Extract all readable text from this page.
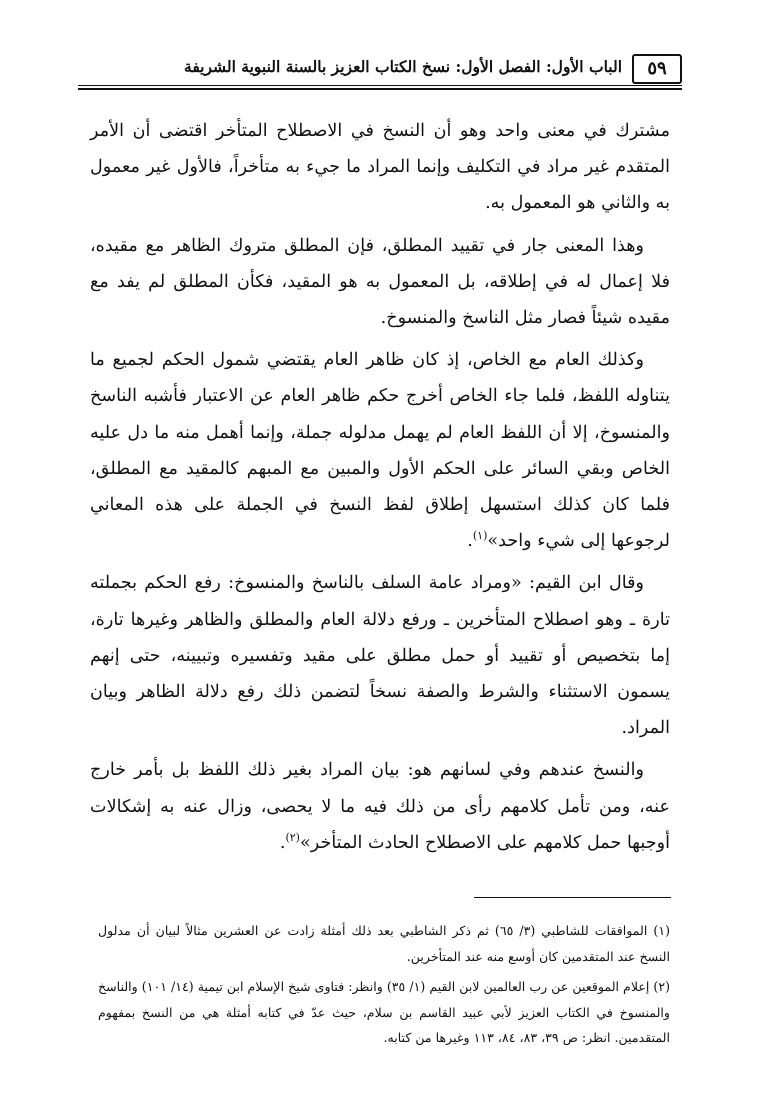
٥٩
الباب الأول: الفصل الأول: نسخ الكتاب العزيز بالسنة النبوية الشريفة

مشترك في معنى واحد وهو أن النسخ في الاصطلاح المتأخر اقتضى أن الأمر المتقدم غير مراد في التكليف وإنما المراد ما جيء به متأخراً، فالأول غير معمول به والثاني هو المعمول به.

وهذا المعنى جار في تقييد المطلق، فإن المطلق متروك الظاهر مع مقيده، فلا إعمال له في إطلاقه، بل المعمول به هو المقيد، فكأن المطلق لم يفد مع مقيده شيئاً فصار مثل الناسخ والمنسوخ.

وكذلك العام مع الخاص، إذ كان ظاهر العام يقتضي شمول الحكم لجميع ما يتناوله اللفظ، فلما جاء الخاص أخرج حكم ظاهر العام عن الاعتبار فأشبه الناسخ والمنسوخ، إلا أن اللفظ العام لم يهمل مدلوله جملة، وإنما أهمل منه ما دل عليه الخاص وبقي السائر على الحكم الأول والمبين مع المبهم كالمقيد مع المطلق، فلما كان كذلك استسهل إطلاق لفظ النسخ في الجملة على هذه المعاني لرجوعها إلى شيء واحد»$^{(١)}$.

وقال ابن القيم: «ومراد عامة السلف بالناسخ والمنسوخ: رفع الحكم بجملته تارة ـ وهو اصطلاح المتأخرين ـ ورفع دلالة العام والمطلق والظاهر وغيرها تارة، إما بتخصيص أو تقييد أو حمل مطلق على مقيد وتفسيره وتبيينه، حتى إنهم يسمون الاستثناء والشرط والصفة نسخاً لتضمن ذلك رفع دلالة الظاهر وبيان المراد.

والنسخ عندهم وفي لسانهم هو: بيان المراد بغير ذلك اللفظ بل بأمر خارج عنه، ومن تأمل كلامهم رأى من ذلك فيه ما لا يحصى، وزال عنه به إشكالات أوجبها حمل كلامهم على الاصطلاح الحادث المتأخر»$^{(٢)}$.

(١) الموافقات للشاطبي (٣/ ٦٥) ثم ذكر الشاطبي بعد ذلك أمثلة زادت عن العشرين مثالاً لبيان أن مدلول النسخ عند المتقدمين كان أوسع منه عند المتأخرين.

(٢) إعلام الموقعين عن رب العالمين لابن القيم (١/ ٣٥) وانظر: فتاوى شيخ الإسلام ابن تيمية (١٤/ ١٠١) والناسخ والمنسوخ في الكتاب العزيز لأبي عبيد القاسم بن سلام، حيث عدّ في كتابه أمثلة هي من النسخ بمفهوم المتقدمين. انظر: ص ٣٩، ٨٣، ٨٤، ١١٣ وغيرها من كتابه.
